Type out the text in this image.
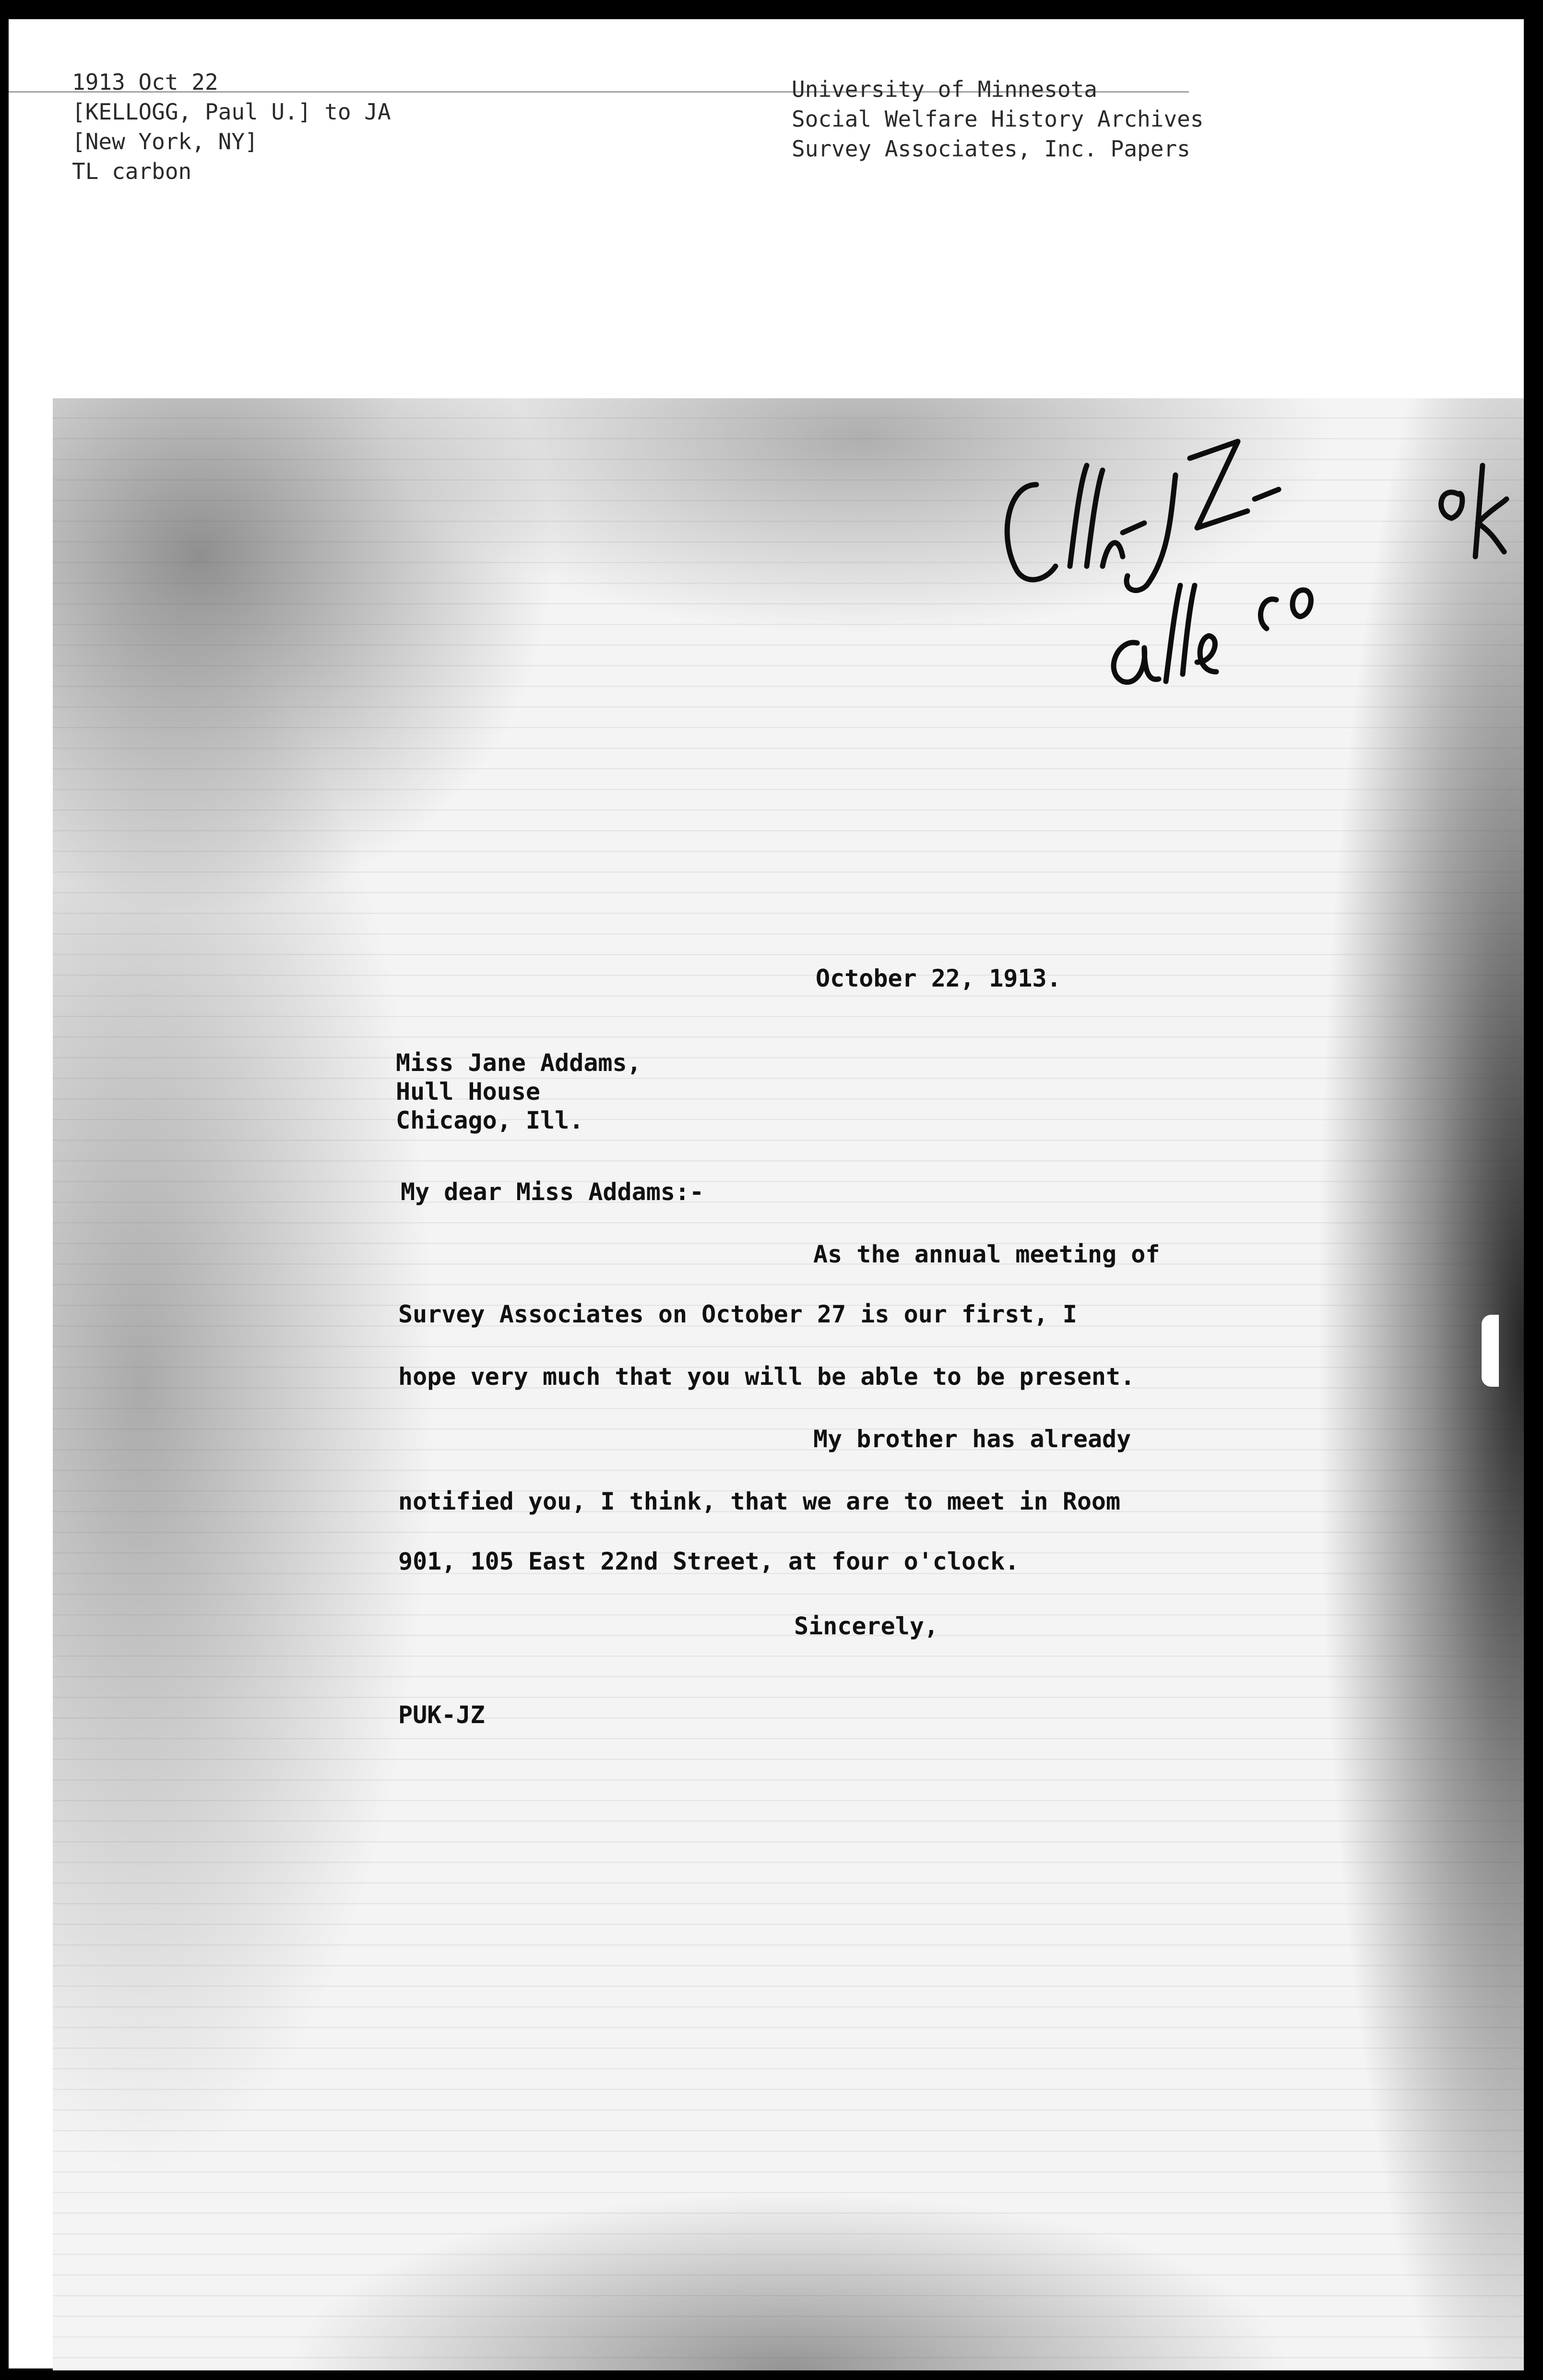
1913 Oct 22
[KELLOGG, Paul U.] to JA
[New York, NY]
TL carbon
University of Minnesota
Social Welfare History Archives
Survey Associates, Inc. Papers
October 22, 1913.
Miss Jane Addams,
Hull House
Chicago, Ill.
My dear Miss Addams:-
As the annual meeting of
Survey Associates on October 27 is our first, I
hope very much that you will be able to be present.
My brother has already
notified you, I think, that we are to meet in Room
901, 105 East 22nd Street, at four o'clock.
Sincerely,
PUK-JZ
